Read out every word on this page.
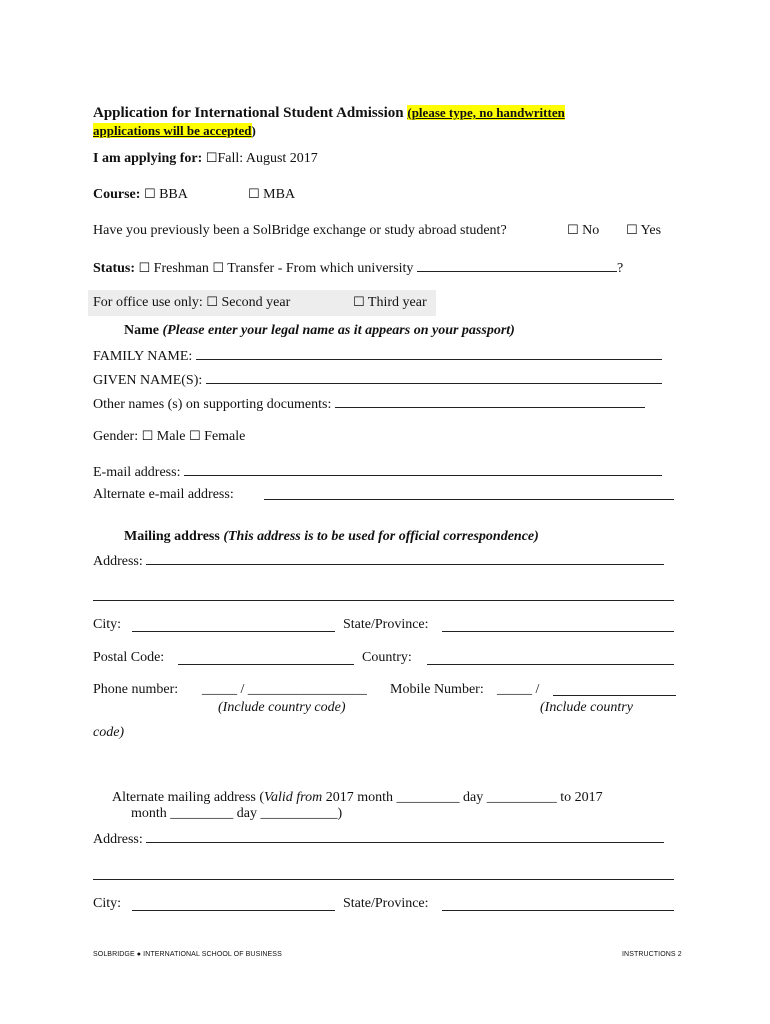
Application for International Student Admission (please type, no handwritten
applications will be accepted)
I am applying for: ☐Fall: August 2017
Course: ☐ BBA	☐ MBA
Have you previously been a SolBridge exchange or study abroad student?	☐ No ☐ Yes
Status: ☐ Freshman ☐ Transfer - From which university	?
For office use only: ☐ Second year	☐ Third year
Name (Please enter your legal name as it appears on your passport)
FAMILY NAME:
GIVEN NAME(S):
Other names (s) on supporting documents:
Gender: ☐ Male ☐ Female
E-mail address:
Alternate e-mail address:
Mailing address (This address is to be used for official correspondence)
Address:
City:	State/Province:
Postal Code:	Country:
Phone number: _____ / _________________ Mobile Number: _____ /
(Include country code)	(Include country
code)
Alternate mailing address (Valid from 2017 month _________ day __________ to 2017
month _________ day ___________)
Address:
City:	State/Province:
SOLBRIDGE ● INTERNATIONAL SCHOOL OF BUSINESS	INSTRUCTIONS 2
